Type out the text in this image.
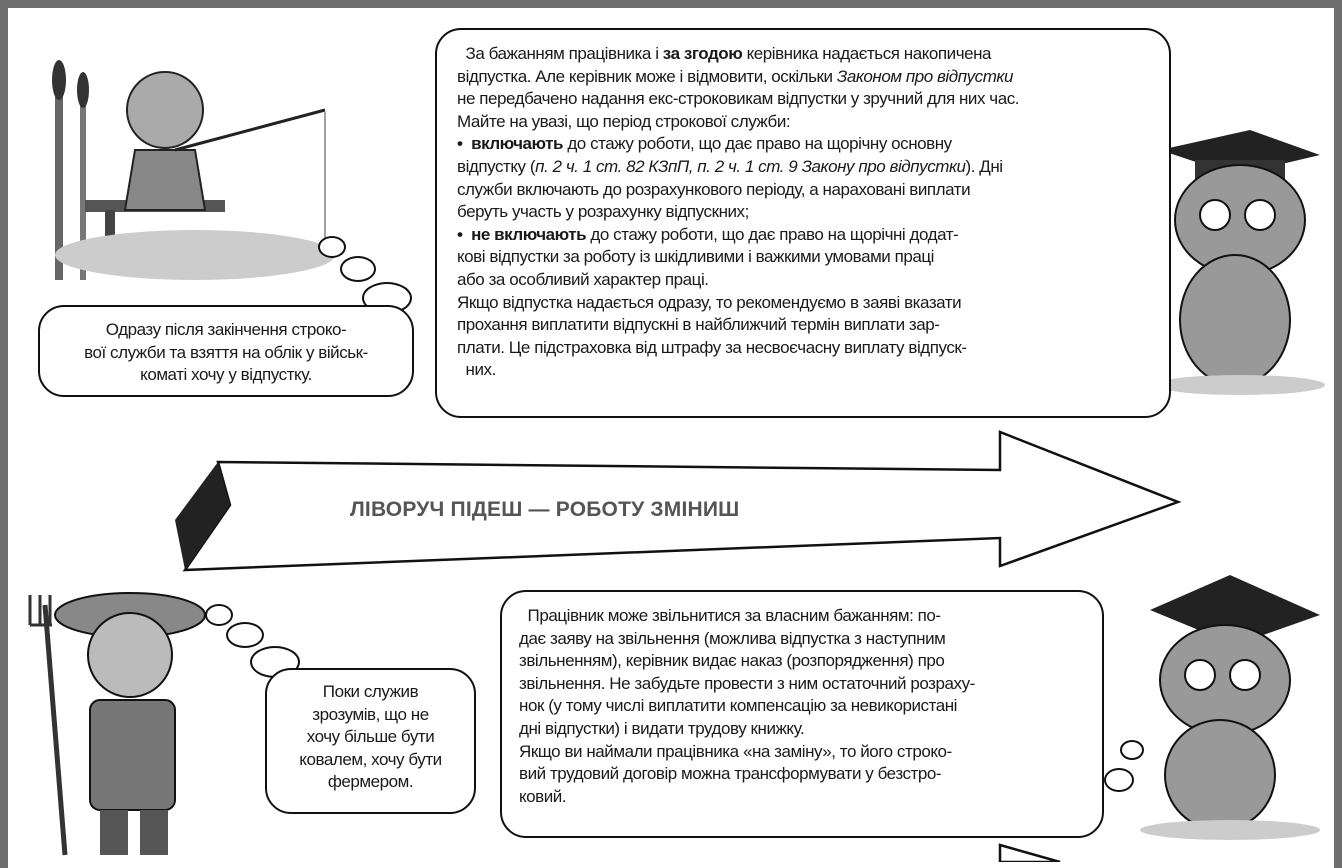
За бажанням працівника і за згодою керівника надається накопичена
відпустка. Але керівник може і відмовити, оскільки Законом про відпустки
не передбачено надання екс-строковикам відпустки у зручний для них час.
Майте на увазі, що період строкової служби:
•  включають до стажу роботи, що дає право на щорічну основну
відпустку (п. 2 ч. 1 ст. 82 КЗпП, п. 2 ч. 1 ст. 9 Закону про відпустки). Дні
служби включають до розрахункового періоду, а нараховані виплати
беруть участь у розрахунку відпускних;
•  не включають до стажу роботи, що дає право на щорічні додат-
кові відпустки за роботу із шкідливими і важкими умовами праці
або за особливий характер праці.
Якщо відпустка надається одразу, то рекомендуємо в заяві вказати
прохання виплатити відпускні в найближчий термін виплати зар-
плати. Це підстраховка від штрафу за несвоєчасну виплату відпуск-
них.
Одразу після закінчення строко-
вої служби та взяття на облік у військ-
коматі хочу у відпустку.
ЛІВОРУЧ ПІДЕШ — РОБОТУ ЗМІНИШ
Поки служив
зрозумів, що не
хочу більше бути
ковалем, хочу бути
фермером.
Працівник може звільнитися за власним бажанням: по-
дає заяву на звільнення (можлива відпустка з наступним
звільненням), керівник видає наказ (розпорядження) про
звільнення. Не забудьте провести з ним остаточний розраху-
нок (у тому числі виплатити компенсацію за невикористані
дні відпустки) і видати трудову книжку.
Якщо ви наймали працівника «на заміну», то його строко-
вий трудовий договір можна трансформувати у безстро-
ковий.
